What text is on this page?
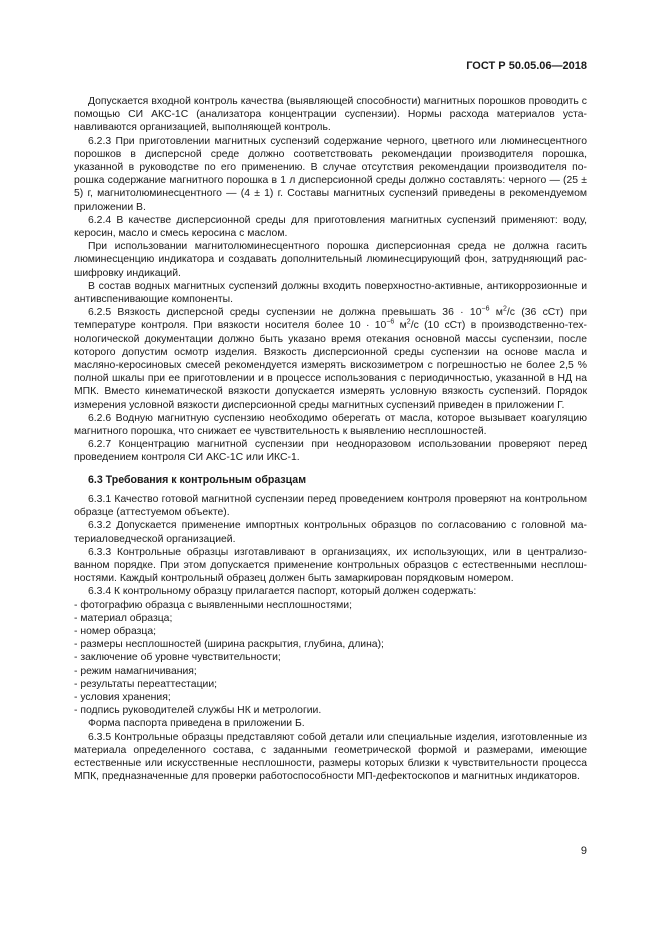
ГОСТ Р 50.05.06—2018

Допускается входной контроль качества (выявляющей способности) магнитных порошков проводить с помощью СИ АКС-1С (анализатора концентрации суспензии). Нормы расхода материалов устанавливаются организацией, выполняющей контроль.

6.2.3 При приготовлении магнитных суспензий содержание черного, цветного или люминесцентного порошков в дисперсной среде должно соответствовать рекомендации производителя порошка, указанной в руководстве по его применению. В случае отсутствия рекомендации производителя порошка содержание магнитного порошка в 1 л дисперсионной среды должно составлять: черного — (25 ± 5) г, магнитолюминесцентного — (4 ± 1) г. Составы магнитных суспензий приведены в рекомендуемом приложении В.

6.2.4 В качестве дисперсионной среды для приготовления магнитных суспензий применяют: воду, керосин, масло и смесь керосина с маслом.

При использовании магнитолюминесцентного порошка дисперсионная среда не должна гасить люминесценцию индикатора и создавать дополнительный люминесцирующий фон, затрудняющий расшифровку индикаций.

В состав водных магнитных суспензий должны входить поверхностно-активные, антикоррозионные и антивспенивающие компоненты.

6.2.5 Вязкость дисперсной среды суспензии не должна превышать $36 \cdot 10^{-6}$ $м^2/с$ (36 сСт) при температуре контроля. При вязкости носителя более $10 \cdot 10^{-6}$ $м^2/с$ (10 сСт) в производственно-технологической документации должно быть указано время отекания основной массы суспензии, после которого допустим осмотр изделия. Вязкость дисперсионной среды суспензии на основе масла и масляно-керосиновых смесей рекомендуется измерять вискозиметром с погрешностью не более 2,5 % полной шкалы при ее приготовлении и в процессе использования с периодичностью, указанной в НД на МПК. Вместо кинематической вязкости допускается измерять условную вязкость суспензий. Порядок измерения условной вязкости дисперсионной среды магнитных суспензий приведен в приложении Г.

6.2.6 Водную магнитную суспензию необходимо оберегать от масла, которое вызывает коагуляцию магнитного порошка, что снижает ее чувствительность к выявлению несплошностей.

6.2.7 Концентрацию магнитной суспензии при неодноразовом использовании проверяют перед проведением контроля СИ АКС-1С или ИКС-1.

6.3 Требования к контрольным образцам

6.3.1 Качество готовой магнитной суспензии перед проведением контроля проверяют на контрольном образце (аттестуемом объекте).

6.3.2 Допускается применение импортных контрольных образцов по согласованию с головной материаловедческой организацией.

6.3.3 Контрольные образцы изготавливают в организациях, их использующих, или в централизованном порядке. При этом допускается применение контрольных образцов с естественными несплошностями. Каждый контрольный образец должен быть замаркирован порядковым номером.

6.3.4 К контрольному образцу прилагается паспорт, который должен содержать:

- фотографию образца с выявленными несплошностями;

- материал образца;

- номер образца;

- размеры несплошностей (ширина раскрытия, глубина, длина);

- заключение об уровне чувствительности;

- режим намагничивания;

- результаты переаттестации;

- условия хранения;

- подпись руководителей службы НК и метрологии.

Форма паспорта приведена в приложении Б.

6.3.5 Контрольные образцы представляют собой детали или специальные изделия, изготовленные из материала определенного состава, с заданными геометрической формой и размерами, имеющие естественные или искусственные несплошности, размеры которых близки к чувствительности процесса МПК, предназначенные для проверки работоспособности МП-дефектоскопов и магнитных индикаторов.

9
